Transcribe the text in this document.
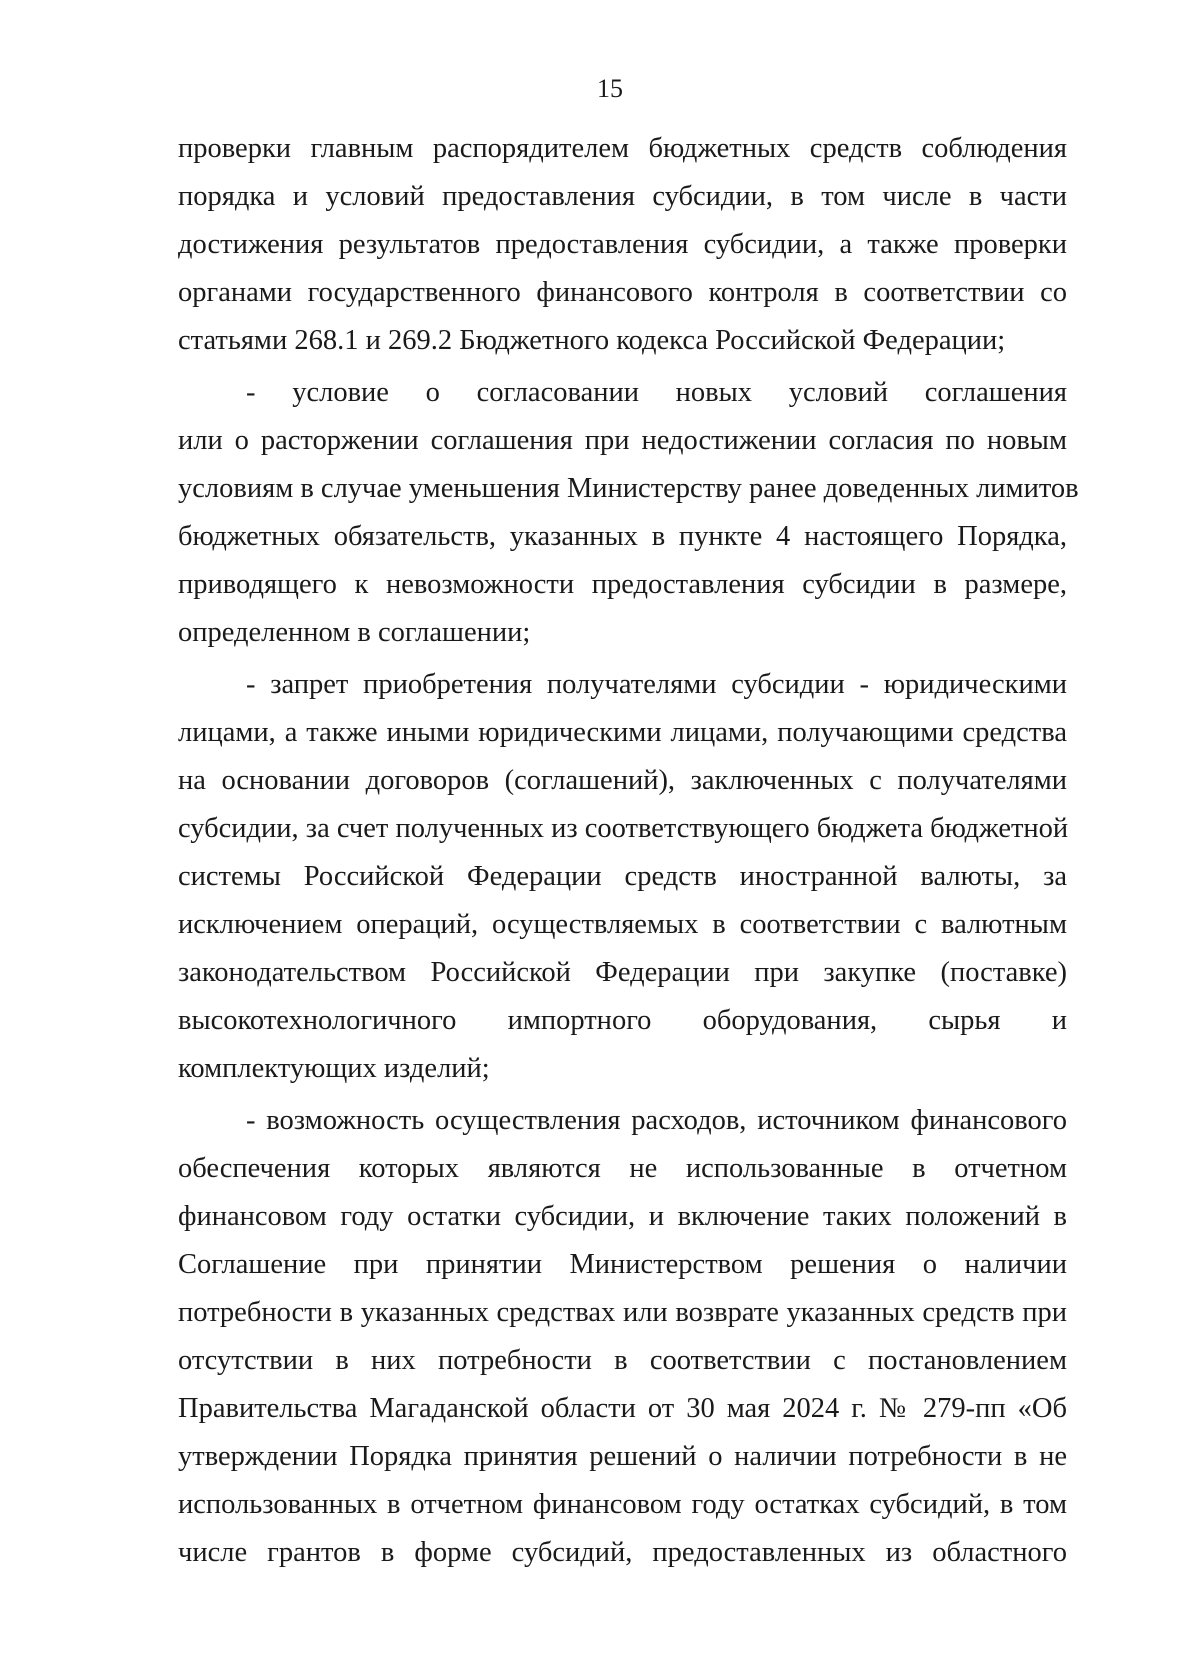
15
проверки главным распорядителем бюджетных средств соблюдения
порядка и условий предоставления субсидии, в том числе в части
достижения результатов предоставления субсидии, а также проверки
органами государственного финансового контроля в соответствии со
статьями 268.1 и 269.2 Бюджетного кодекса Российской Федерации;
- условие о согласовании новых условий соглашения
или о расторжении соглашения при недостижении согласия по новым
условиям в случае уменьшения Министерству ранее доведенных лимитов
бюджетных обязательств, указанных в пункте 4 настоящего Порядка,
приводящего к невозможности предоставления субсидии в размере,
определенном в соглашении;
- запрет приобретения получателями субсидии - юридическими
лицами, а также иными юридическими лицами, получающими средства
на основании договоров (соглашений), заключенных с получателями
субсидии, за счет полученных из соответствующего бюджета бюджетной
системы Российской Федерации средств иностранной валюты, за
исключением операций, осуществляемых в соответствии с валютным
законодательством Российской Федерации при закупке (поставке)
высокотехнологичного импортного оборудования, сырья и
комплектующих изделий;
- возможность осуществления расходов, источником финансового
обеспечения которых являются не использованные в отчетном
финансовом году остатки субсидии, и включение таких положений в
Соглашение при принятии Министерством решения о наличии
потребности в указанных средствах или возврате указанных средств при
отсутствии в них потребности в соответствии с постановлением
Правительства Магаданской области от 30 мая 2024 г. № 279-пп «Об
утверждении Порядка принятия решений о наличии потребности в не
использованных в отчетном финансовом году остатках субсидий, в том
числе грантов в форме субсидий, предоставленных из областного
